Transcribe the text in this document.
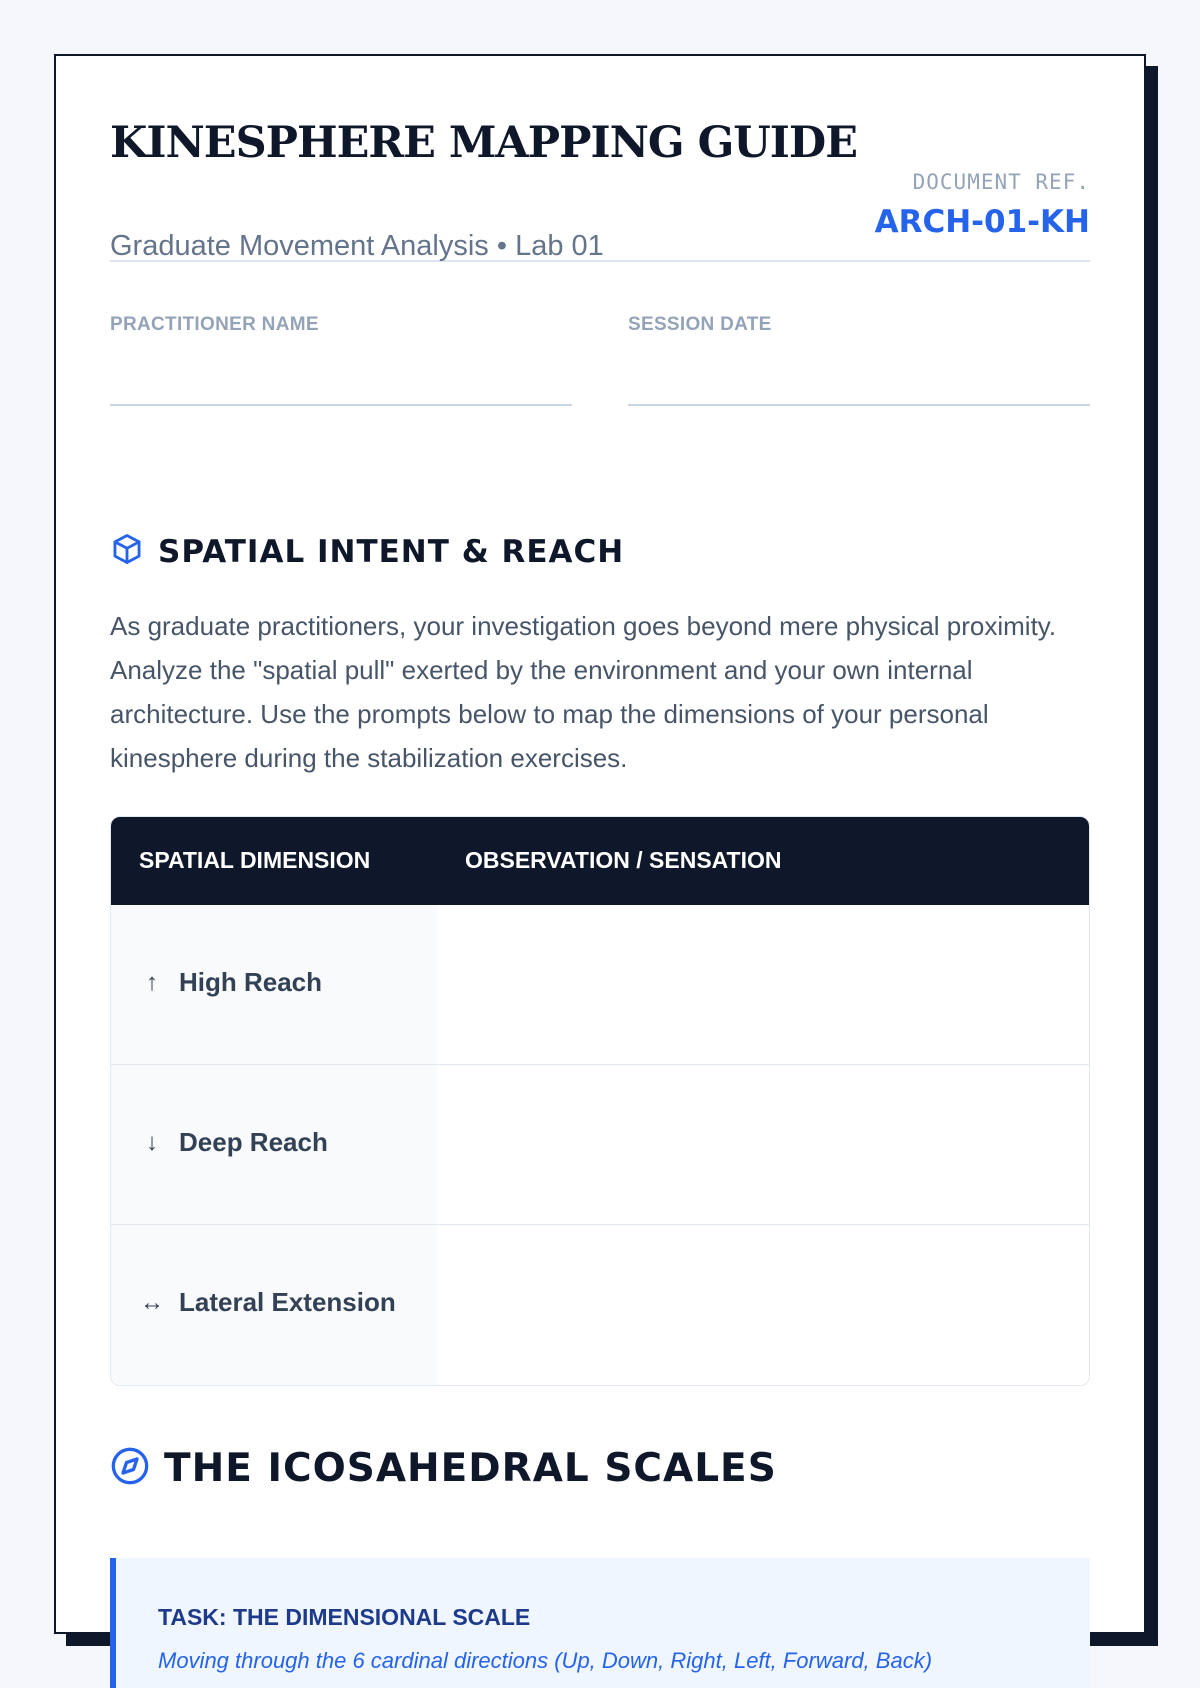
KINESPHERE MAPPING GUIDE

Graduate Movement Analysis • Lab 01

DOCUMENT REF.
ARCH-01-KH
PRACTITIONER NAME	SESSION DATE
SPATIAL INTENT & REACH

As graduate practitioners, your investigation goes beyond mere physical proximity. Analyze the "spatial pull" exerted by the environment and your own internal architecture. Use the prompts below to map the dimensions of your personal kinesphere during the stabilization exercises.

SPATIAL DIMENSION	OBSERVATION / SENSATION
↑ High Reach
↓ Deep Reach
↔ Lateral Extension
THE ICOSAHEDRAL SCALES
TASK: THE DIMENSIONAL SCALE
Moving through the 6 cardinal directions (Up, Down, Right, Left, Forward, Back)
